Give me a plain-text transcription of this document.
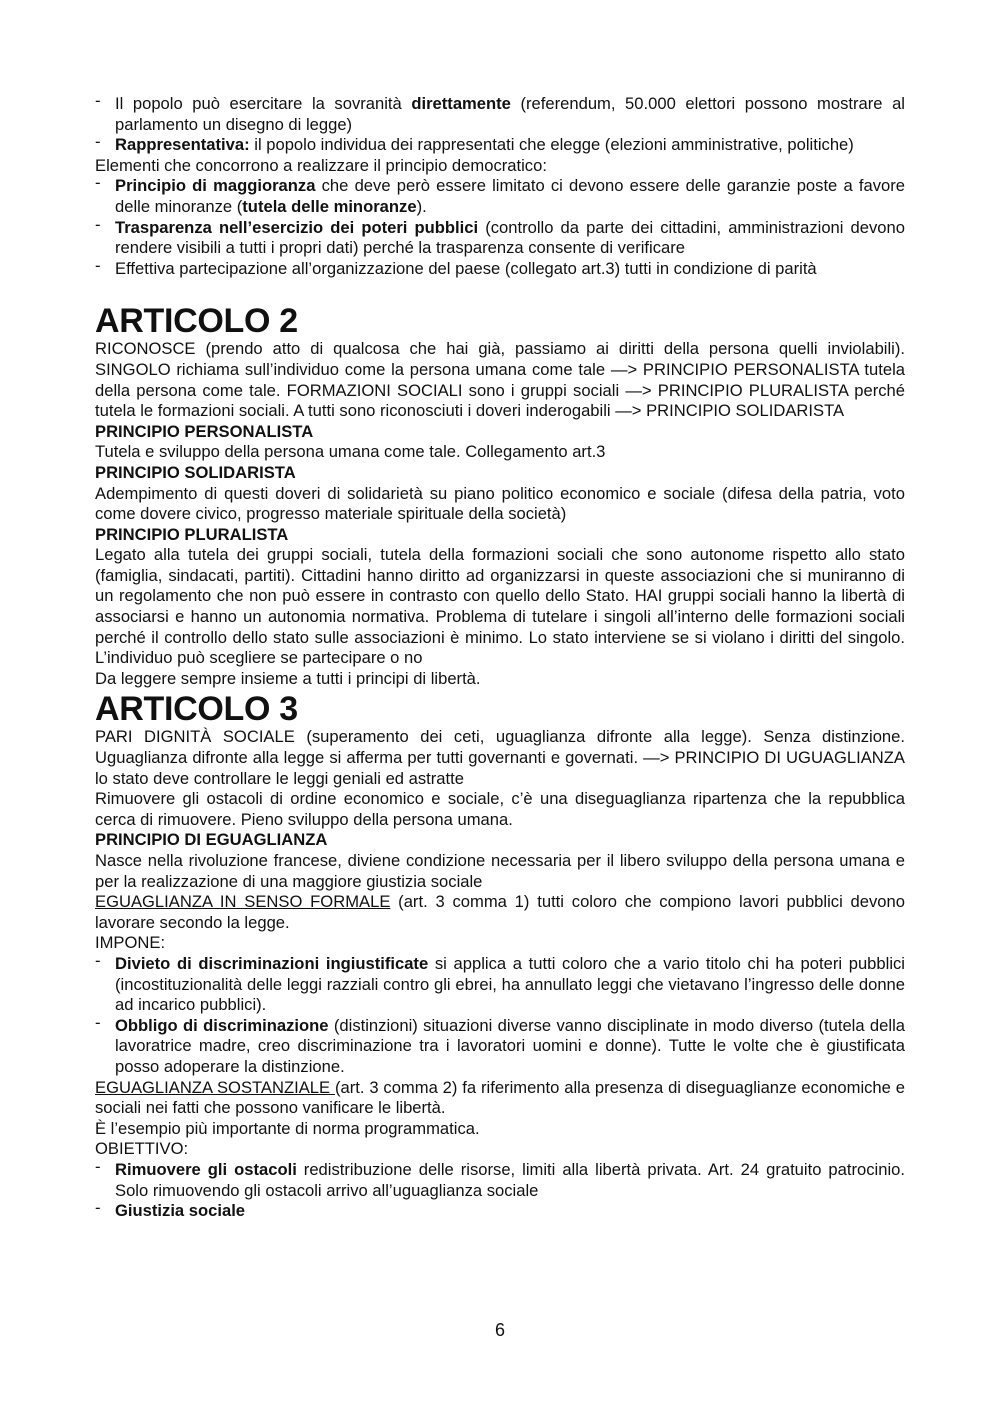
- Il popolo può esercitare la sovranità direttamente (referendum, 50.000 elettori possono mostrare al parlamento un disegno di legge)
- Rappresentativa: il popolo individua dei rappresentati che elegge (elezioni amministrative, politiche)
Elementi che concorrono a realizzare il principio democratico:
- Principio di maggioranza che deve però essere limitato ci devono essere delle garanzie poste a favore delle minoranze (tutela delle minoranze).
- Trasparenza nell’esercizio dei poteri pubblici (controllo da parte dei cittadini, amministrazioni devono rendere visibili a tutti i propri dati) perché la trasparenza consente di verificare
- Effettiva partecipazione all’organizzazione del paese (collegato art.3) tutti in condizione di parità
ARTICOLO 2
RICONOSCE (prendo atto di qualcosa che hai già, passiamo ai diritti della persona quelli inviolabili). SINGOLO richiama sull’individuo come la persona umana come tale —> PRINCIPIO PERSONALISTA tutela della persona come tale. FORMAZIONI SOCIALI sono i gruppi sociali —> PRINCIPIO PLURALISTA perché tutela le formazioni sociali. A tutti sono riconosciuti i doveri inderogabili —> PRINCIPIO SOLIDARISTA
PRINCIPIO PERSONALISTA
Tutela e sviluppo della persona umana come tale. Collegamento art.3
PRINCIPIO SOLIDARISTA
Adempimento di questi doveri di solidarietà su piano politico economico e sociale (difesa della patria, voto come dovere civico, progresso materiale spirituale della società)
PRINCIPIO PLURALISTA
Legato alla tutela dei gruppi sociali, tutela della formazioni sociali che sono autonome rispetto allo stato (famiglia, sindacati, partiti). Cittadini hanno diritto ad organizzarsi in queste associazioni che si muniranno di un regolamento che non può essere in contrasto con quello dello Stato. HAI gruppi sociali hanno la libertà di associarsi e hanno un autonomia normativa. Problema di tutelare i singoli all’interno delle formazioni sociali perché il controllo dello stato sulle associazioni è minimo. Lo stato interviene se si violano i diritti del singolo. L’individuo può scegliere se partecipare o no
Da leggere sempre insieme a tutti i principi di libertà.
ARTICOLO 3
PARI DIGNITÀ SOCIALE (superamento dei ceti, uguaglianza difronte alla legge). Senza distinzione. Uguaglianza difronte alla legge si afferma per tutti governanti e governati. —> PRINCIPIO DI UGUAGLIANZA lo stato deve controllare le leggi geniali ed astratte
Rimuovere gli ostacoli di ordine economico e sociale, c’è una diseguaglianza ripartenza che la repubblica cerca di rimuovere. Pieno sviluppo della persona umana.
PRINCIPIO DI EGUAGLIANZA
Nasce nella rivoluzione francese, diviene condizione necessaria per il libero sviluppo della persona umana e per la realizzazione di una maggiore giustizia sociale
EGUAGLIANZA IN SENSO FORMALE (art. 3 comma 1) tutti coloro che compiono lavori pubblici devono lavorare secondo la legge.
IMPONE:
- Divieto di discriminazioni ingiustificate si applica a tutti coloro che a vario titolo chi ha poteri pubblici (incostituzionalità delle leggi razziali contro gli ebrei, ha annullato leggi che vietavano l’ingresso delle donne ad incarico pubblici).
- Obbligo di discriminazione (distinzioni) situazioni diverse vanno disciplinate in modo diverso (tutela della lavoratrice madre, creo discriminazione tra i lavoratori uomini e donne). Tutte le volte che è giustificata posso adoperare la distinzione.
EGUAGLIANZA SOSTANZIALE (art. 3 comma 2) fa riferimento alla presenza di diseguaglianze economiche e sociali nei fatti che possono vanificare le libertà.
È l’esempio più importante di norma programmatica.
OBIETTIVO:
- Rimuovere gli ostacoli redistribuzione delle risorse, limiti alla libertà privata. Art. 24 gratuito patrocinio. Solo rimuovendo gli ostacoli arrivo all’uguaglianza sociale
- Giustizia sociale
6
